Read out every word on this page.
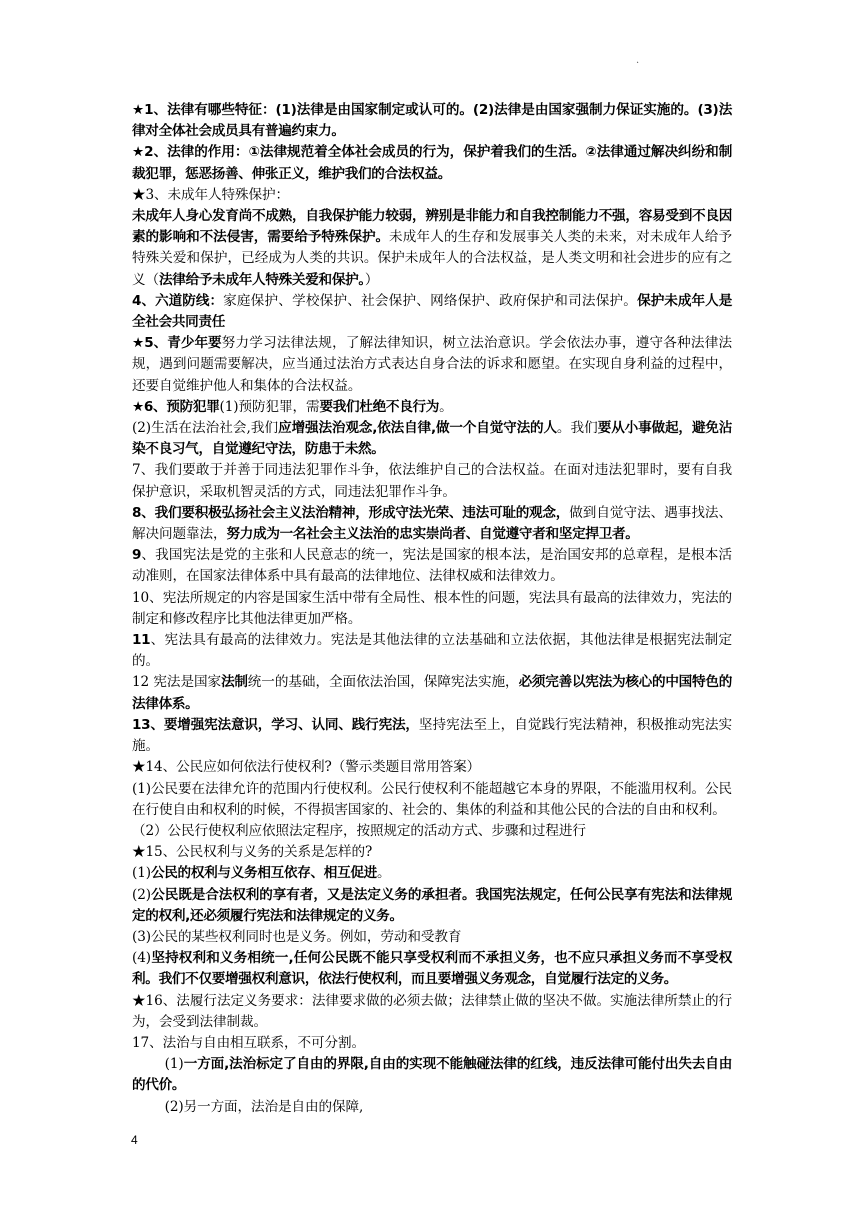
·

★1、法律有哪些特征：(1)法律是由国家制定或认可的。(2)法律是由国家强制力保证实施的。(3)法律对全体社会成员具有普遍约束力。

★2、法律的作用：①法律规范着全体社会成员的行为，保护着我们的生活。②法律通过解决纠纷和制裁犯罪，惩恶扬善、伸张正义，维护我们的合法权益。

★3、未成年人特殊保护：

未成年人身心发育尚不成熟，自我保护能力较弱，辨别是非能力和自我控制能力不强，容易受到不良因素的影响和不法侵害，需要给予特殊保护。未成年人的生存和发展事关人类的未来，对未成年人给予特殊关爱和保护，已经成为人类的共识。保护未成年人的合法权益，是人类文明和社会进步的应有之义（法律给予未成年人特殊关爱和保护。）

4、六道防线：家庭保护、学校保护、社会保护、网络保护、政府保护和司法保护。保护未成年人是全社会共同责任

★5、青少年要努力学习法律法规，了解法律知识，树立法治意识。学会依法办事，遵守各种法律法规，遇到问题需要解决，应当通过法治方式表达自身合法的诉求和愿望。在实现自身利益的过程中，还要自觉维护他人和集体的合法权益。

★6、预防犯罪(1)预防犯罪，需要我们杜绝不良行为。

(2)生活在法治社会,我们应增强法治观念,依法自律,做一个自觉守法的人。我们要从小事做起，避免沾染不良习气，自觉遵纪守法，防患于未然。

7、我们要敢于并善于同违法犯罪作斗争，依法维护自己的合法权益。在面对违法犯罪时，要有自我保护意识，采取机智灵活的方式，同违法犯罪作斗争。

8、我们要积极弘扬社会主义法治精神，形成守法光荣、违法可耻的观念，做到自觉守法、遇事找法、解决问题靠法，努力成为一名社会主义法治的忠实崇尚者、自觉遵守者和坚定捍卫者。

9、我国宪法是党的主张和人民意志的统一，宪法是国家的根本法，是治国安邦的总章程，是根本活动准则，在国家法律体系中具有最高的法律地位、法律权威和法律效力。

10、宪法所规定的内容是国家生活中带有全局性、根本性的问题，宪法具有最高的法律效力，宪法的制定和修改程序比其他法律更加严格。

11、宪法具有最高的法律效力。宪法是其他法律的立法基础和立法依据，其他法律是根据宪法制定的。

12 宪法是国家法制统一的基础，全面依法治国，保障宪法实施，必须完善以宪法为核心的中国特色的法律体系。

13、要增强宪法意识，学习、认同、践行宪法，坚持宪法至上，自觉践行宪法精神，积极推动宪法实施。

★14、公民应如何依法行使权利?（警示类题目常用答案）

(1)公民要在法律允许的范围内行使权利。公民行使权利不能超越它本身的界限，不能滥用权利。公民在行使自由和权利的时候，不得损害国家的、社会的、集体的利益和其他公民的合法的自由和权利。

（2）公民行使权利应依照法定程序，按照规定的活动方式、步骤和过程进行

★15、公民权利与义务的关系是怎样的?

(1)公民的权利与义务相互依存、相互促进。

(2)公民既是合法权利的享有者，又是法定义务的承担者。我国宪法规定，任何公民享有宪法和法律规定的权利,还必须履行宪法和法律规定的义务。

(3)公民的某些权利同时也是义务。例如，劳动和受教育

(4)坚持权利和义务相统一,任何公民既不能只享受权利而不承担义务，也不应只承担义务而不享受权利。我们不仅要增强权利意识，依法行使权利，而且要增强义务观念，自觉履行法定的义务。

★16、法履行法定义务要求：法律要求做的必须去做；法律禁止做的坚决不做。实施法律所禁止的行为，会受到法律制裁。

17、法治与自由相互联系，不可分割。

(1)一方面,法治标定了自由的界限,自由的实现不能触碰法律的红线，违反法律可能付出失去自由的代价。

(2)另一方面，法治是自由的保障,

4
